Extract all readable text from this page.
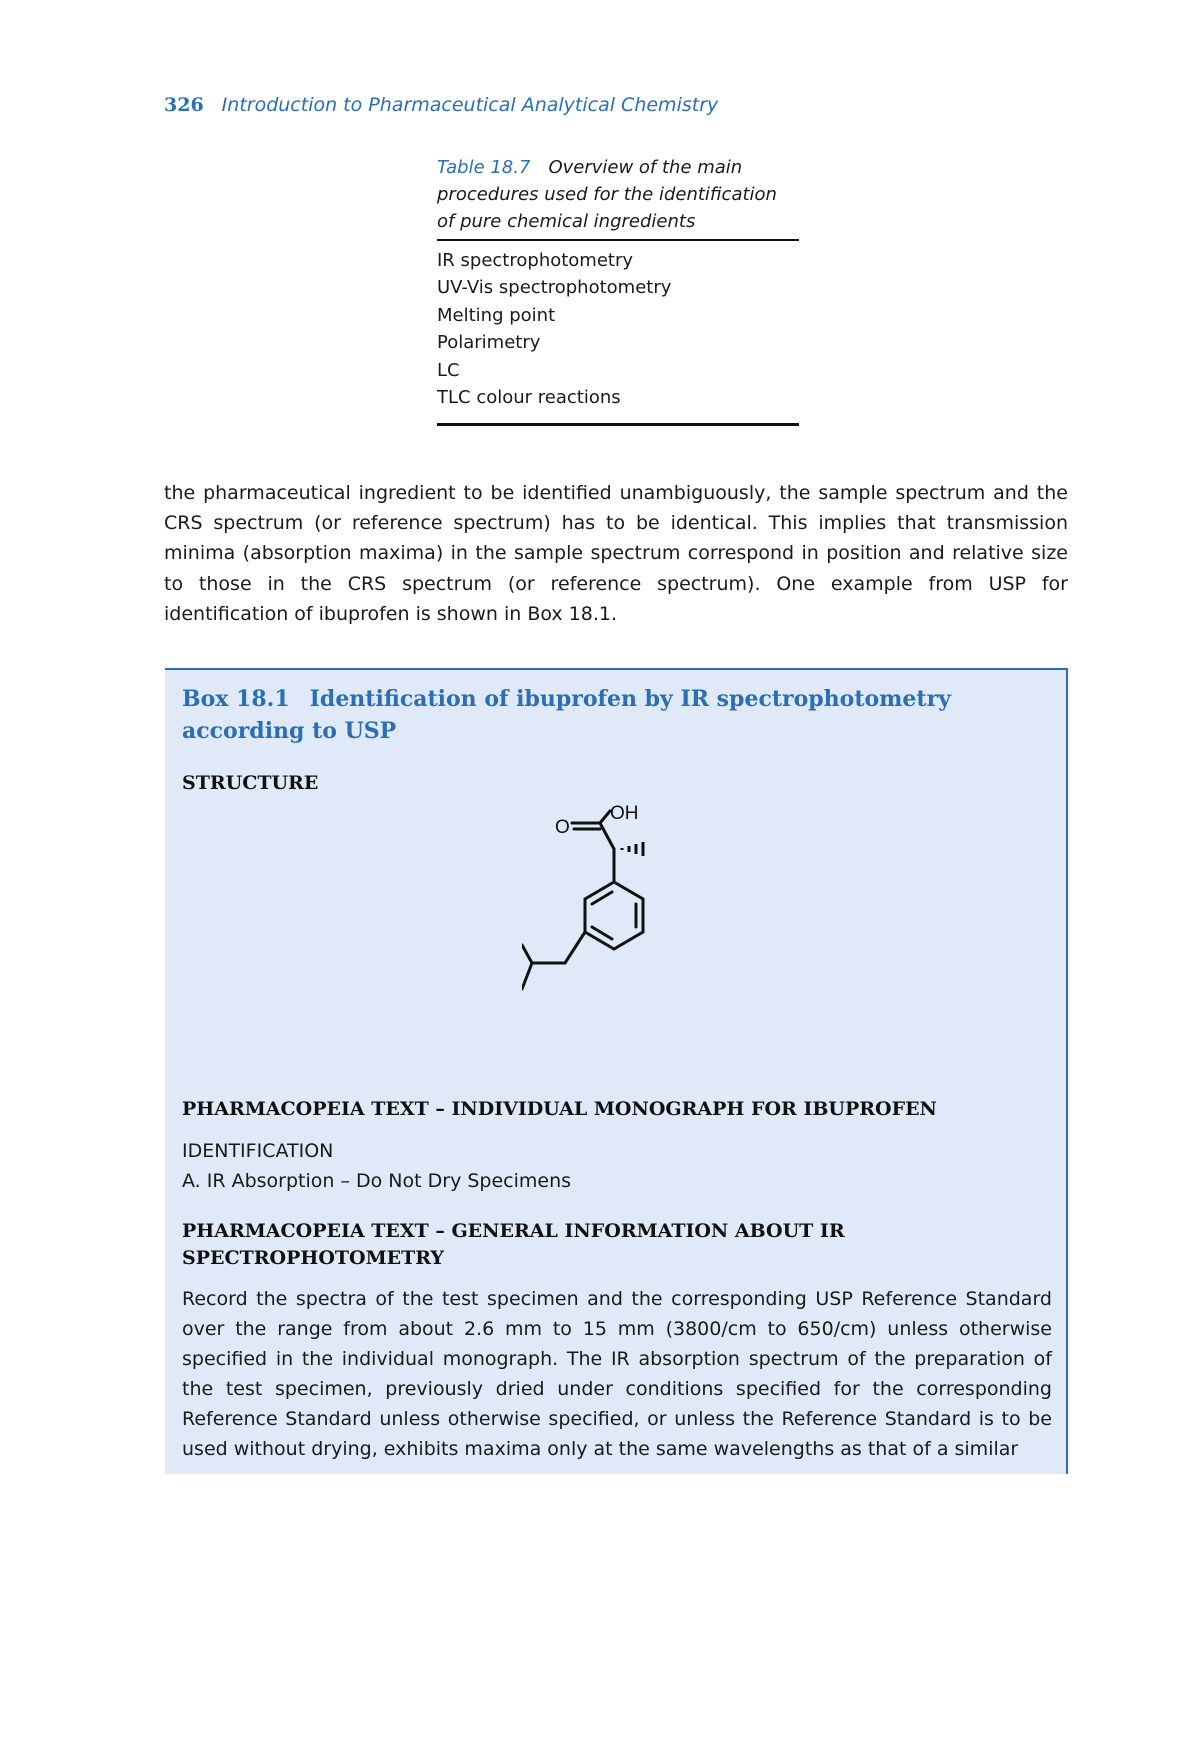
326 Introduction to Pharmaceutical Analytical Chemistry

Table 18.7 Overview of the main procedures used for the identification of pure chemical ingredients

IR spectrophotometry
UV-Vis spectrophotometry
Melting point
Polarimetry
LC
TLC colour reactions

the pharmaceutical ingredient to be identified unambiguously, the sample spectrum and the CRS spectrum (or reference spectrum) has to be identical. This implies that transmission minima (absorption maxima) in the sample spectrum correspond in position and relative size to those in the CRS spectrum (or reference spectrum). One example from USP for identification of ibuprofen is shown in Box 18.1.

Box 18.1 Identification of ibuprofen by IR spectrophotometry according to USP
STRUCTURE
OH
O
PHARMACOPEIA TEXT – INDIVIDUAL MONOGRAPH FOR IBUPROFEN

IDENTIFICATION

A. IR Absorption – Do Not Dry Specimens

PHARMACOPEIA TEXT – GENERAL INFORMATION ABOUT IR SPECTROPHOTOMETRY

Record the spectra of the test specimen and the corresponding USP Reference Standard over the range from about 2.6 mm to 15 mm (3800/cm to 650/cm) unless otherwise specified in the individual monograph. The IR absorption spectrum of the preparation of the test specimen, previously dried under conditions specified for the corresponding Reference Standard unless otherwise specified, or unless the Reference Standard is to be used without drying, exhibits maxima only at the same wavelengths as that of a similar
